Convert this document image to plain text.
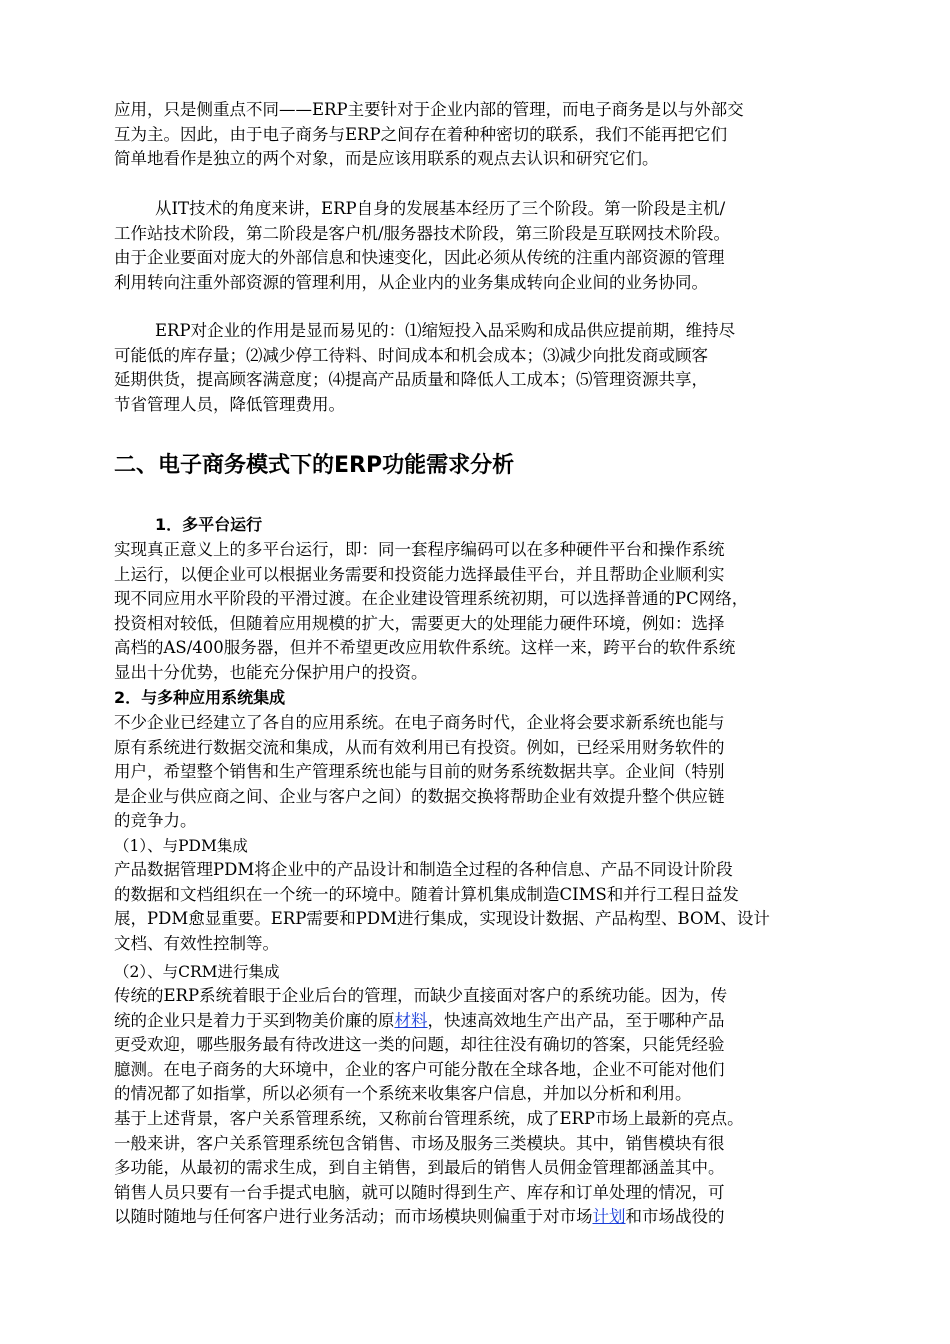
应用，只是侧重点不同——ERP主要针对于企业内部的管理，而电子商务是以与外部交
互为主。因此，由于电子商务与ERP之间存在着种种密切的联系，我们不能再把它们
简单地看作是独立的两个对象，而是应该用联系的观点去认识和研究它们。
从IT技术的角度来讲，ERP自身的发展基本经历了三个阶段。第一阶段是主机/
工作站技术阶段，第二阶段是客户机/服务器技术阶段，第三阶段是互联网技术阶段。
由于企业要面对庞大的外部信息和快速变化，因此必须从传统的注重内部资源的管理
利用转向注重外部资源的管理利用，从企业内的业务集成转向企业间的业务协同。
ERP对企业的作用是显而易见的：⑴缩短投入品采购和成品供应提前期，维持尽
可能低的库存量；⑵减少停工待料、时间成本和机会成本；⑶减少向批发商或顾客
延期供货，提高顾客满意度；⑷提高产品质量和降低人工成本；⑸管理资源共享，
节省管理人员，降低管理费用。
二、电子商务模式下的ERP功能需求分析
1．多平台运行
实现真正意义上的多平台运行，即：同一套程序编码可以在多种硬件平台和操作系统
上运行，以便企业可以根据业务需要和投资能力选择最佳平台，并且帮助企业顺利实
现不同应用水平阶段的平滑过渡。在企业建设管理系统初期，可以选择普通的PC网络，
投资相对较低，但随着应用规模的扩大，需要更大的处理能力硬件环境，例如：选择
高档的AS/400服务器，但并不希望更改应用软件系统。这样一来，跨平台的软件系统
显出十分优势，也能充分保护用户的投资。
2．与多种应用系统集成
不少企业已经建立了各自的应用系统。在电子商务时代，企业将会要求新系统也能与
原有系统进行数据交流和集成，从而有效利用已有投资。例如，已经采用财务软件的
用户，希望整个销售和生产管理系统也能与目前的财务系统数据共享。企业间（特别
是企业与供应商之间、企业与客户之间）的数据交换将帮助企业有效提升整个供应链
的竞争力。
（1）、与PDM集成
产品数据管理PDM将企业中的产品设计和制造全过程的各种信息、产品不同设计阶段
的数据和文档组织在一个统一的环境中。随着计算机集成制造CIMS和并行工程日益发
展，PDM愈显重要。ERP需要和PDM进行集成，实现设计数据、产品构型、BOM、设计
文档、有效性控制等。
（2）、与CRM进行集成
传统的ERP系统着眼于企业后台的管理，而缺少直接面对客户的系统功能。因为，传
统的企业只是着力于买到物美价廉的原材料，快速高效地生产出产品，至于哪种产品
更受欢迎，哪些服务最有待改进这一类的问题，却往往没有确切的答案，只能凭经验
臆测。在电子商务的大环境中，企业的客户可能分散在全球各地，企业不可能对他们
的情况都了如指掌，所以必须有一个系统来收集客户信息，并加以分析和利用。
基于上述背景，客户关系管理系统，又称前台管理系统，成了ERP市场上最新的亮点。
一般来讲，客户关系管理系统包含销售、市场及服务三类模块。其中，销售模块有很
多功能，从最初的需求生成，到自主销售，到最后的销售人员佣金管理都涵盖其中。
销售人员只要有一台手提式电脑，就可以随时得到生产、库存和订单处理的情况，可
以随时随地与任何客户进行业务活动；而市场模块则偏重于对市场计划和市场战役的
